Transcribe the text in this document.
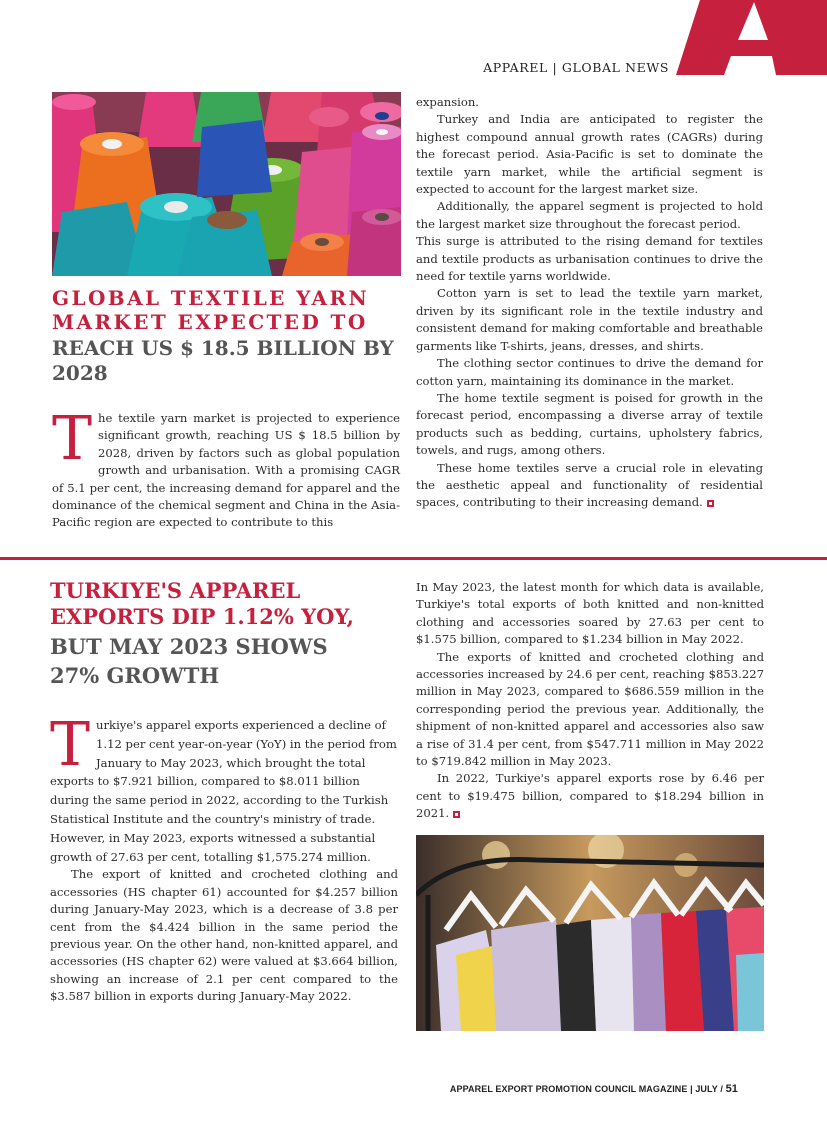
APPAREL | GLOBAL NEWS
GLOBAL TEXTILE YARN
MARKET EXPECTED TO
REACH US $ 18.5 BILLION BY
2028
T he textile yarn market is projected to experience significant growth, reaching US $ 18.5 billion by 2028, driven by factors such as global population growth and urbanisation. With a promising CAGR of 5.1 per cent, the increasing demand for apparel and the dominance of the chemical segment and China in the Asia-Pacific region are expected to contribute to this

expansion.

Turkey and India are anticipated to register the highest compound annual growth rates (CAGRs) during the forecast period. Asia-Pacific is set to dominate the textile yarn market, while the artificial segment is expected to account for the largest market size.

Additionally, the apparel segment is projected to hold the largest market size throughout the forecast period.

This surge is attributed to the rising demand for textiles and textile products as urbanisation continues to drive the need for textile yarns worldwide.

Cotton yarn is set to lead the textile yarn market, driven by its significant role in the textile industry and consistent demand for making comfortable and breathable garments like T-shirts, jeans, dresses, and shirts.

The clothing sector continues to drive the demand for cotton yarn, maintaining its dominance in the market.

The home textile segment is poised for growth in the forecast period, encompassing a diverse array of textile products such as bedding, curtains, upholstery fabrics, towels, and rugs, among others.

These home textiles serve a crucial role in elevating the aesthetic appeal and functionality of residential spaces, contributing to their increasing demand.

TURKIYE'S APPAREL
EXPORTS DIP 1.12% YOY,
BUT MAY 2023 SHOWS
27% GROWTH
T urkiye's apparel exports experienced a decline of 1.12 per cent year-on-year (YoY) in the period from January to May 2023, which brought the total exports to $7.921 billion, compared to $8.011 billion during the same period in 2022, according to the Turkish Statistical Institute and the country's ministry of trade. However, in May 2023, exports witnessed a substantial growth of 27.63 per cent, totalling $1,575.274 million.

The export of knitted and crocheted clothing and accessories (HS chapter 61) accounted for $4.257 billion during January-May 2023, which is a decrease of 3.8 per cent from the $4.424 billion in the same period the previous year. On the other hand, non-knitted apparel, and accessories (HS chapter 62) were valued at $3.664 billion, showing an increase of 2.1 per cent compared to the $3.587 billion in exports during January-May 2022.

In May 2023, the latest month for which data is available, Turkiye's total exports of both knitted and non-knitted clothing and accessories soared by 27.63 per cent to $1.575 billion, compared to $1.234 billion in May 2022.

The exports of knitted and crocheted clothing and accessories increased by 24.6 per cent, reaching $853.227 million in May 2023, compared to $686.559 million in the corresponding period the previous year. Additionally, the shipment of non-knitted apparel and accessories also saw a rise of 31.4 per cent, from $547.711 million in May 2022 to $719.842 million in May 2023.

In 2022, Turkiye's apparel exports rose by 6.46 per cent to $19.475 billion, compared to $18.294 billion in 2021.

APPAREL EXPORT PROMOTION COUNCIL MAGAZINE | JULY / 51
